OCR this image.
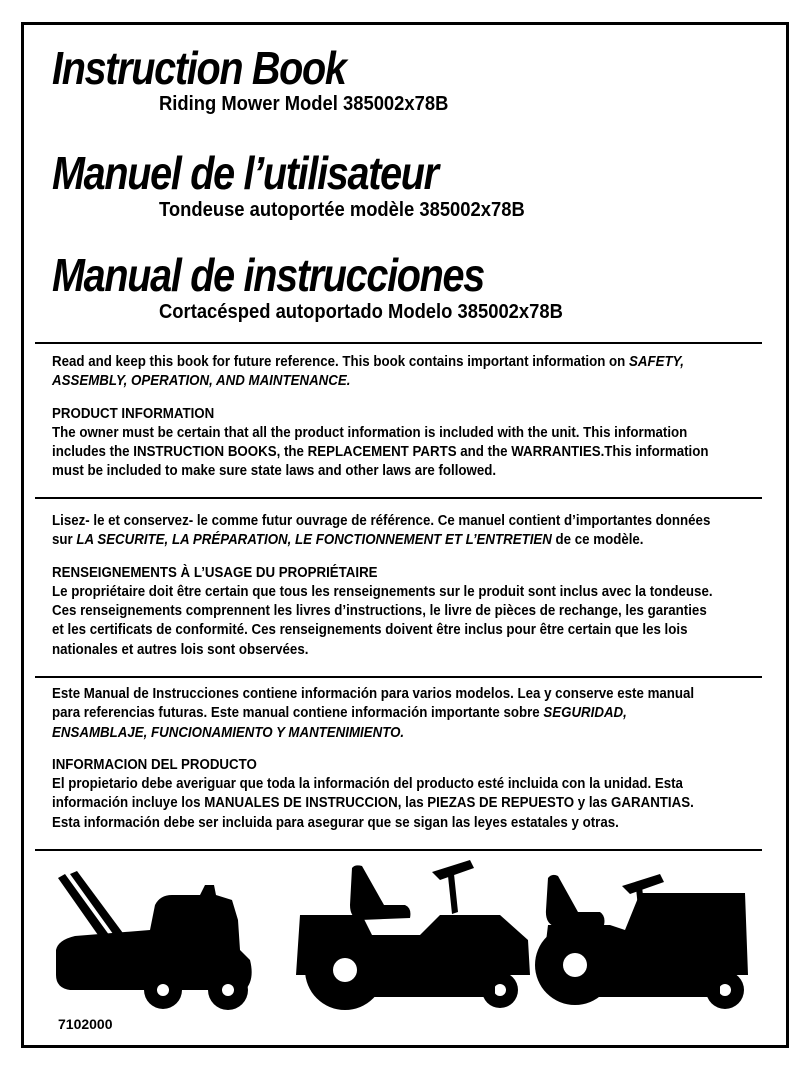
Instruction Book
Riding Mower Model 385002x78B
Manuel de l’utilisateur
Tondeuse autoportée modèle 385002x78B
Manual de instrucciones
Cortacésped autoportado Modelo 385002x78B

Read and keep this book for future reference. This book contains important information on SAFETY,

ASSEMBLY, OPERATION, AND MAINTENANCE.

PRODUCT INFORMATION

The owner must be certain that all the product information is included with the unit. This information

includes the INSTRUCTION BOOKS, the REPLACEMENT PARTS and the WARRANTIES.This information

must be included to make sure state laws and other laws are followed.

Lisez- le et conservez- le comme futur ouvrage de référence. Ce manuel contient d’importantes données

sur LA SECURITE, LA PRÉPARATION, LE FONCTIONNEMENT ET L’ENTRETIEN de ce modèle.

RENSEIGNEMENTS À L’USAGE DU PROPRIÉTAIRE

Le propriétaire doit être certain que tous les renseignements sur le produit sont inclus avec la tondeuse.

Ces renseignements comprennent les livres d’instructions, le livre de pièces de rechange, les garanties

et les certificats de conformité. Ces renseignements doivent être inclus pour être certain que les lois

nationales et autres lois sont observées.

Este Manual de Instrucciones contiene información para varios modelos. Lea y conserve este manual

para referencias futuras. Este manual contiene información importante sobre SEGURIDAD,

ENSAMBLAJE, FUNCIONAMIENTO Y MANTENIMIENTO.

INFORMACION DEL PRODUCTO

El propietario debe averiguar que toda la información del producto esté incluida con la unidad. Esta

información incluye los MANUALES DE INSTRUCCION, las PIEZAS DE REPUESTO y las GARANTIAS.

Esta información debe ser incluida para asegurar que se sigan las leyes estatales y otras.

7102000
